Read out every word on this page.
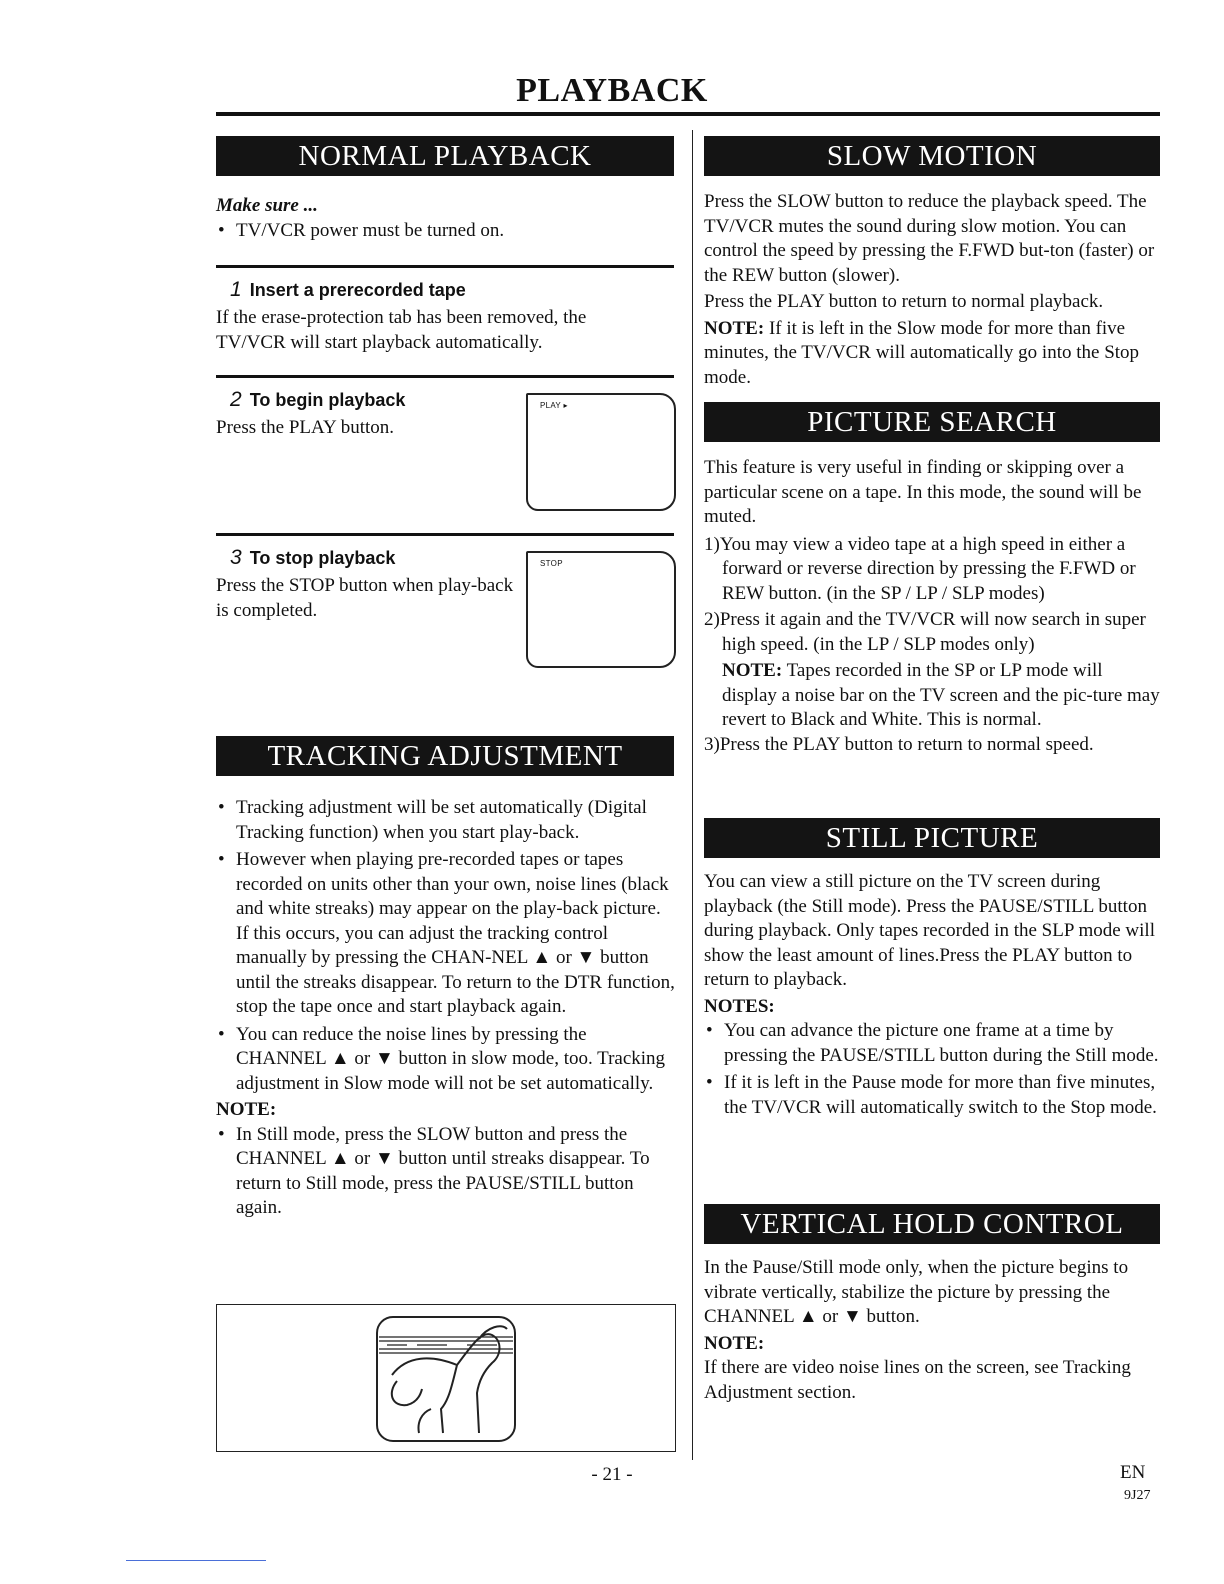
PLAYBACK
NORMAL PLAYBACK

Make sure ...

• TV/VCR power must be turned on.
1 Insert a prerecorded tape
If the erase-protection tab has been removed, the TV/VCR will start playback automatically.
2 To begin playback
Press the PLAY button.
PLAY ▸
3 To stop playback
Press the STOP button when play-back is completed.
STOP
TRACKING ADJUSTMENT
• Tracking adjustment will be set automatically (Digital Tracking function) when you start play-back.
• However when playing pre-recorded tapes or tapes recorded on units other than your own, noise lines (black and white streaks) may appear on the play-back picture. If this occurs, you can adjust the tracking control manually by pressing the CHAN-NEL ▲ or ▼ button until the streaks disappear. To return to the DTR function, stop the tape once and start playback again.
• You can reduce the noise lines by pressing the CHANNEL ▲ or ▼ button in slow mode, too. Tracking adjustment in Slow mode will not be set automatically.

NOTE:

• In Still mode, press the SLOW button and press the CHANNEL ▲ or ▼ button until streaks disappear. To return to Still mode, press the PAUSE/STILL button again.
SLOW MOTION

Press the SLOW button to reduce the playback speed. The TV/VCR mutes the sound during slow motion. You can control the speed by pressing the F.FWD but-ton (faster) or the REW button (slower).

Press the PLAY button to return to normal playback.

NOTE: If it is left in the Slow mode for more than five minutes, the TV/VCR will automatically go into the Stop mode.

PICTURE SEARCH

This feature is very useful in finding or skipping over a particular scene on a tape. In this mode, the sound will be muted.

1)You may view a video tape at a high speed in either a forward or reverse direction by pressing the F.FWD or REW button. (in the SP / LP / SLP modes)
2)Press it again and the TV/VCR will now search in super high speed. (in the LP / SLP modes only)

NOTE: Tapes recorded in the SP or LP mode will display a noise bar on the TV screen and the pic-ture may revert to Black and White. This is normal.

3)Press the PLAY button to return to normal speed.

STILL PICTURE

You can view a still picture on the TV screen during playback (the Still mode). Press the PAUSE/STILL button during playback. Only tapes recorded in the SLP mode will show the least amount of lines.Press the PLAY button to return to playback.

NOTES:

• You can advance the picture one frame at a time by pressing the PAUSE/STILL button during the Still mode.
• If it is left in the Pause mode for more than five minutes, the TV/VCR will automatically switch to the Stop mode.
VERTICAL HOLD CONTROL

In the Pause/Still mode only, when the picture begins to vibrate vertically, stabilize the picture by pressing the CHANNEL ▲ or ▼ button.

NOTE:

If there are video noise lines on the screen, see Tracking Adjustment section.

- 21 -	EN
9J27
